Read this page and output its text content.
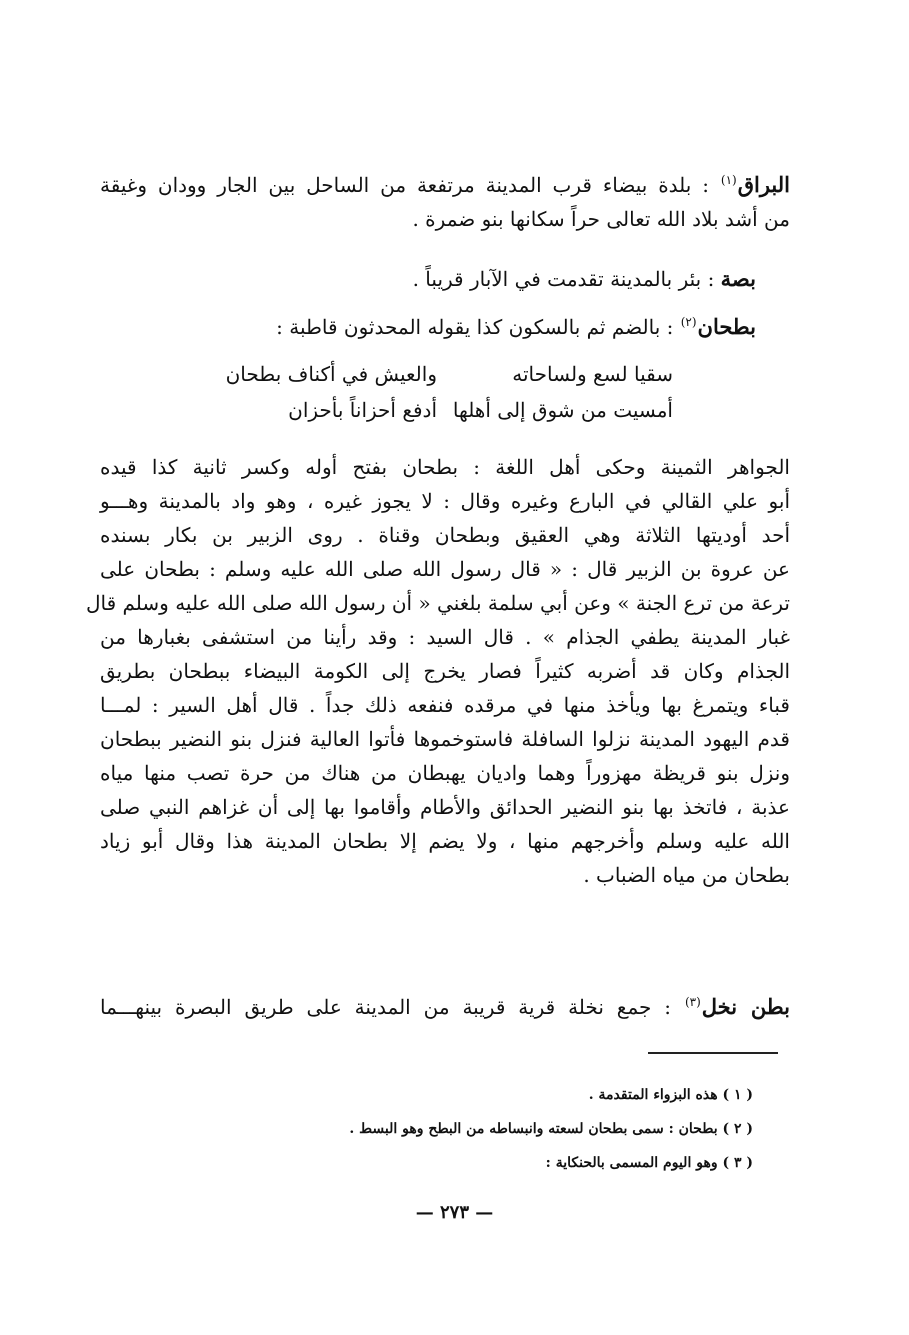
البراق$^{(١)}$ : بلدة بيضاء قرب المدينة مرتفعة من الساحل بين الجار وودان وغيقة
من أشد بلاد الله تعالى حراً سكانها بنو ضمرة .
بصة : بئر بالمدينة تقدمت في الآبار قريباً .
بطحان$^{(٢)}$ : بالضم ثم بالسكون كذا يقوله المحدثون قاطبة :
سقيا لسع ولساحاته
والعيش في أكناف بطحان
أمسيت من شوق إلى أهلها
أدفع أحزاناً بأحزان
الجواهر الثمينة وحكى أهل اللغة : بطحان بفتح أوله وكسر ثانية كذا قيده
أبو علي القالي في البارع وغيره وقال : لا يجوز غيره ، وهو واد بالمدينة وهـــو
أحد أوديتها الثلاثة وهي العقيق وبطحان وقناة . روى الزبير بن بكار بسنده
عن عروة بن الزبير قال : « قال رسول الله صلى الله عليه وسلم : بطحان على
ترعة من ترع الجنة » وعن أبي سلمة بلغني « أن رسول الله صلى الله عليه وسلم قال
غبار المدينة يطفي الجذام » . قال السيد : وقد رأينا من استشفى بغبارها من
الجذام وكان قد أضربه كثيراً فصار يخرج إلى الكومة البيضاء ببطحان بطريق
قباء ويتمرغ بها ويأخذ منها في مرقده فنفعه ذلك جداً . قال أهل السير : لمـــا
قدم اليهود المدينة نزلوا السافلة فاستوخموها فأتوا العالية فنزل بنو النضير ببطحان
ونزل بنو قريظة مهزوراً وهما واديان يهبطان من هناك من حرة تصب منها مياه
عذبة ، فاتخذ بها بنو النضير الحدائق والأطام وأقاموا بها إلى أن غزاهم النبي صلى
الله عليه وسلم وأخرجهم منها ، ولا يضم إلا بطحان المدينة هذا وقال أبو زياد
بطحان من مياه الضباب .
بطن نخل$^{(٣)}$ : جمع نخلة قرية قريبة من المدينة على طريق البصرة بينهـــما
( ١ ) هذه البزواء المتقدمة .
( ٢ ) بطحان : سمى بطحان لسعته وانبساطه من البطح وهو البسط .
( ٣ ) وهو اليوم المسمى بالحنكاية :
— ٢٧٣ —
